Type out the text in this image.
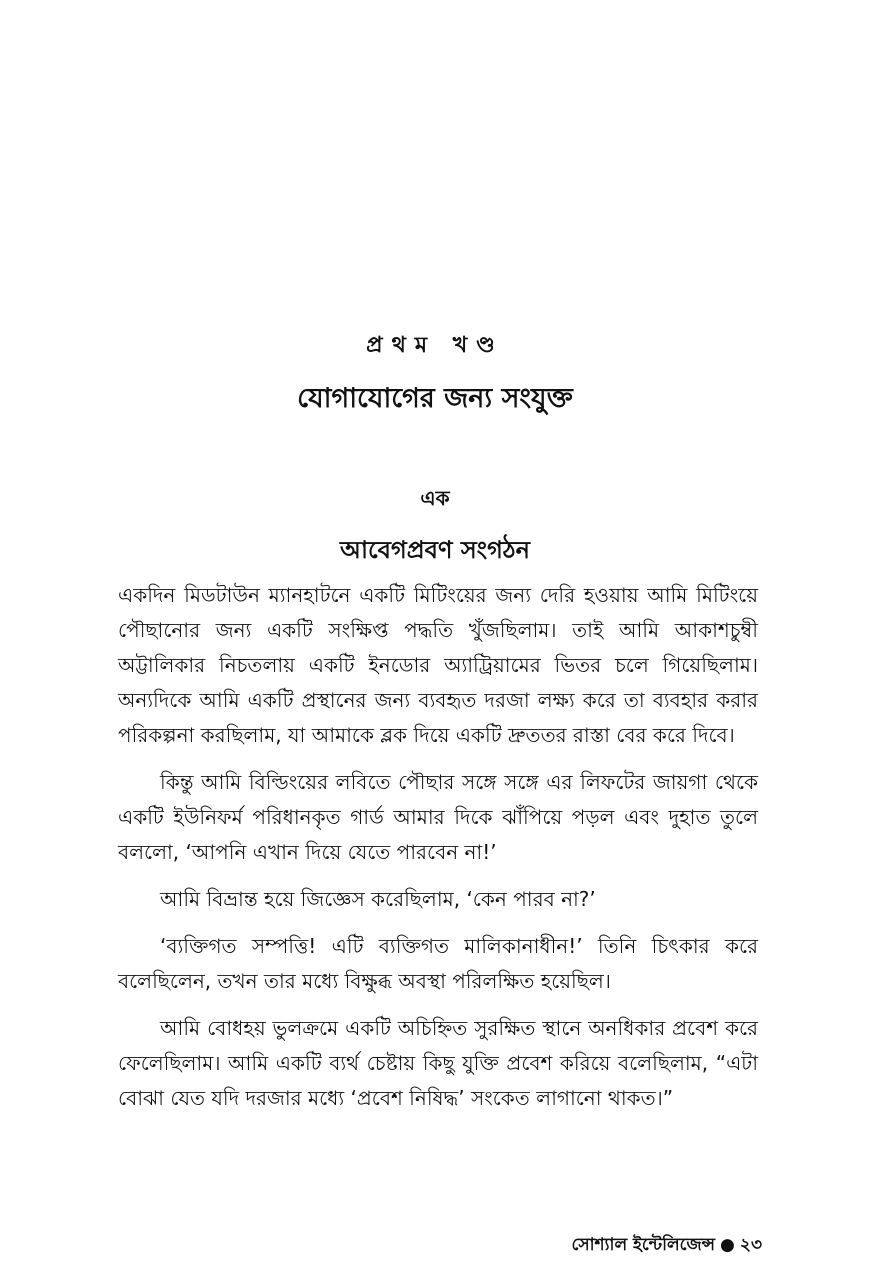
প্রথম খণ্ড
যোগাযোগের জন্য সংযুক্ত
এক
আবেগপ্রবণ সংগঠন

একদিন মিডটাউন ম্যানহাটনে একটি মিটিংয়ের জন্য দেরি হওয়ায় আমি মিটিংয়ে পৌছানোর জন্য একটি সংক্ষিপ্ত পদ্ধতি খুঁজছিলাম। তাই আমি আকাশচুম্বী অট্টালিকার নিচতলায় একটি ইনডোর অ্যাট্রিয়ামের ভিতর চলে গিয়েছিলাম। অন্যদিকে আমি একটি প্রস্থানের জন্য ব্যবহৃত দরজা লক্ষ্য করে তা ব্যবহার করার পরিকল্পনা করছিলাম, যা আমাকে ব্লক দিয়ে একটি দ্রুততর রাস্তা বের করে দিবে।

কিন্তু আমি বিল্ডিংয়ের লবিতে পৌছার সঙ্গে সঙ্গে এর লিফটের জায়গা থেকে একটি ইউনিফর্ম পরিধানকৃত গার্ড আমার দিকে ঝাঁপিয়ে পড়ল এবং দুহাত তুলে বললো, ‘আপনি এখান দিয়ে যেতে পারবেন না!’

আমি বিভ্রান্ত হয়ে জিজ্ঞেস করেছিলাম, ‘কেন পারব না?’

‘ব্যক্তিগত সম্পত্তি! এটি ব্যক্তিগত মালিকানাধীন!’ তিনি চিৎকার করে বলেছিলেন, তখন তার মধ্যে বিক্ষুব্ধ অবস্থা পরিলক্ষিত হয়েছিল।

আমি বোধহয় ভুলক্রমে একটি অচিহ্নিত সুরক্ষিত স্থানে অনধিকার প্রবেশ করে ফেলেছিলাম। আমি একটি ব্যর্থ চেষ্টায় কিছু যুক্তি প্রবেশ করিয়ে বলেছিলাম, “এটা বোঝা যেত যদি দরজার মধ্যে ‘প্রবেশ নিষিদ্ধ’ সংকেত লাগানো থাকত।”

সোশ্যাল ইন্টেলিজেন্স ● ২৩
